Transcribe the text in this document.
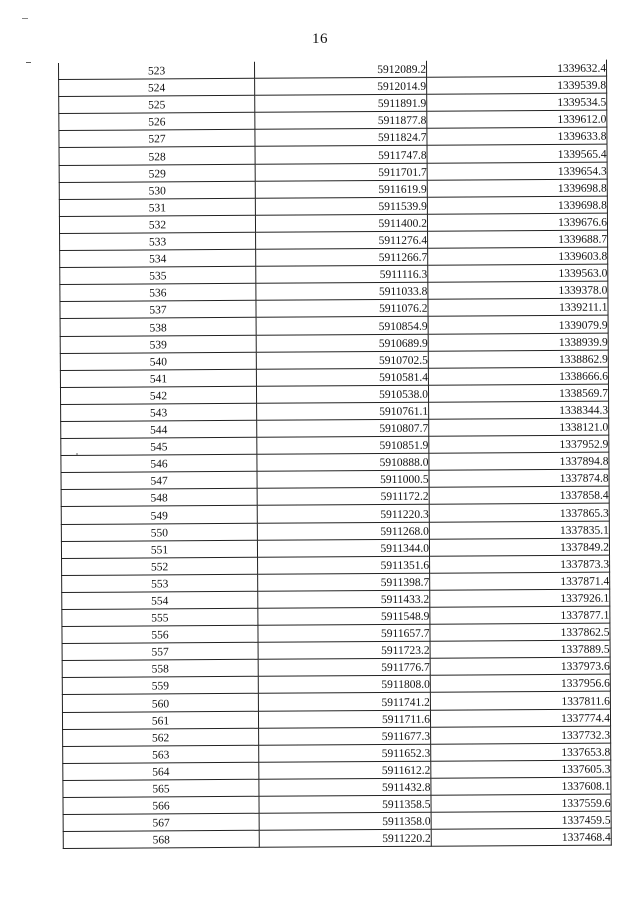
16
523	5912089.2	1339632.4
524	5912014.9	1339539.8
525	5911891.9	1339534.5
526	5911877.8	1339612.0
527	5911824.7	1339633.8
528	5911747.8	1339565.4
529	5911701.7	1339654.3
530	5911619.9	1339698.8
531	5911539.9	1339698.8
532	5911400.2	1339676.6
533	5911276.4	1339688.7
534	5911266.7	1339603.8
535	5911116.3	1339563.0
536	5911033.8	1339378.0
537	5911076.2	1339211.1
538	5910854.9	1339079.9
539	5910689.9	1338939.9
540	5910702.5	1338862.9
541	5910581.4	1338666.6
542	5910538.0	1338569.7
543	5910761.1	1338344.3
544	5910807.7	1338121.0
545	5910851.9	1337952.9
546	5910888.0	1337894.8
547	5911000.5	1337874.8
548	5911172.2	1337858.4
549	5911220.3	1337865.3
550	5911268.0	1337835.1
551	5911344.0	1337849.2
552	5911351.6	1337873.3
553	5911398.7	1337871.4
554	5911433.2	1337926.1
555	5911548.9	1337877.1
556	5911657.7	1337862.5
557	5911723.2	1337889.5
558	5911776.7	1337973.6
559	5911808.0	1337956.6
560	5911741.2	1337811.6
561	5911711.6	1337774.4
562	5911677.3	1337732.3
563	5911652.3	1337653.8
564	5911612.2	1337605.3
565	5911432.8	1337608.1
566	5911358.5	1337559.6
567	5911358.0	1337459.5
568	5911220.2	1337468.4
